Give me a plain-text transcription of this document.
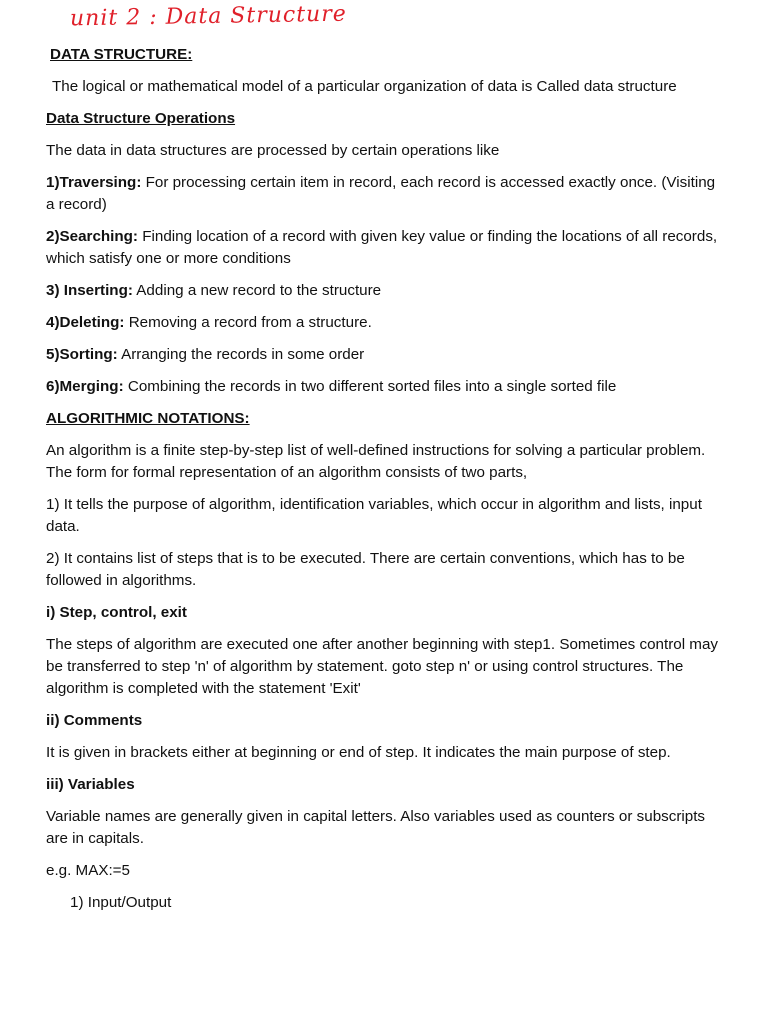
unit 2 : Data Structure

DATA STRUCTURE:

The logical or mathematical model of a particular organization of data is Called data structure

Data Structure Operations

The data in data structures are processed by certain operations like

1)Traversing: For processing certain item in record, each record is accessed exactly once. (Visiting a record)

2)Searching: Finding location of a record with given key value or finding the locations of all records, which satisfy one or more conditions

3) Inserting: Adding a new record to the structure

4)Deleting: Removing a record from a structure.

5)Sorting: Arranging the records in some order

6)Merging: Combining the records in two different sorted files into a single sorted file

ALGORITHMIC NOTATIONS:

An algorithm is a finite step-by-step list of well-defined instructions for solving a particular problem. The form for formal representation of an algorithm consists of two parts,

1) It tells the purpose of algorithm, identification variables, which occur in algorithm and lists, input data.

2) It contains list of steps that is to be executed. There are certain conventions, which has to be followed in algorithms.

i) Step, control, exit

The steps of algorithm are executed one after another beginning with step1. Sometimes control may be transferred to step 'n' of algorithm by statement. goto step n' or using control structures. The algorithm is completed with the statement 'Exit'

ii) Comments

It is given in brackets either at beginning or end of step. It indicates the main purpose of step.

iii) Variables

Variable names are generally given in capital letters. Also variables used as counters or subscripts are in capitals.

e.g. MAX:=5

1) Input/Output
